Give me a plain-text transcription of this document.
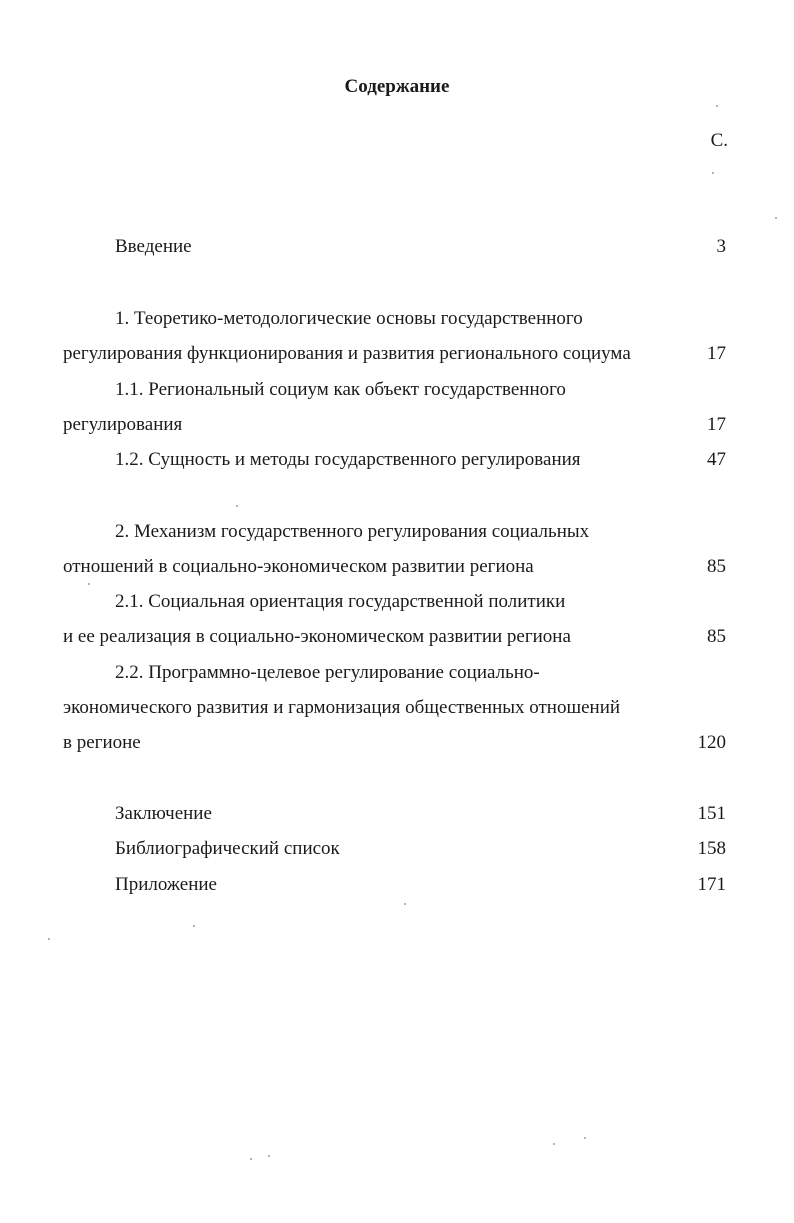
Содержание
С.
Введение	3
1. Теоретико-методологические основы государственного
регулирования функционирования и развития регионального социума	17
1.1. Региональный социум как объект государственного
регулирования	17
1.2. Сущность и методы государственного регулирования	47
2. Механизм государственного регулирования социальных
отношений в социально-экономическом развитии региона	85
2.1. Социальная ориентация государственной политики
и ее реализация в социально-экономическом развитии региона	85
2.2. Программно-целевое регулирование социально-
экономического развития и гармонизация общественных отношений
в регионе	120
Заключение	151
Библиографический список	158
Приложение	171
